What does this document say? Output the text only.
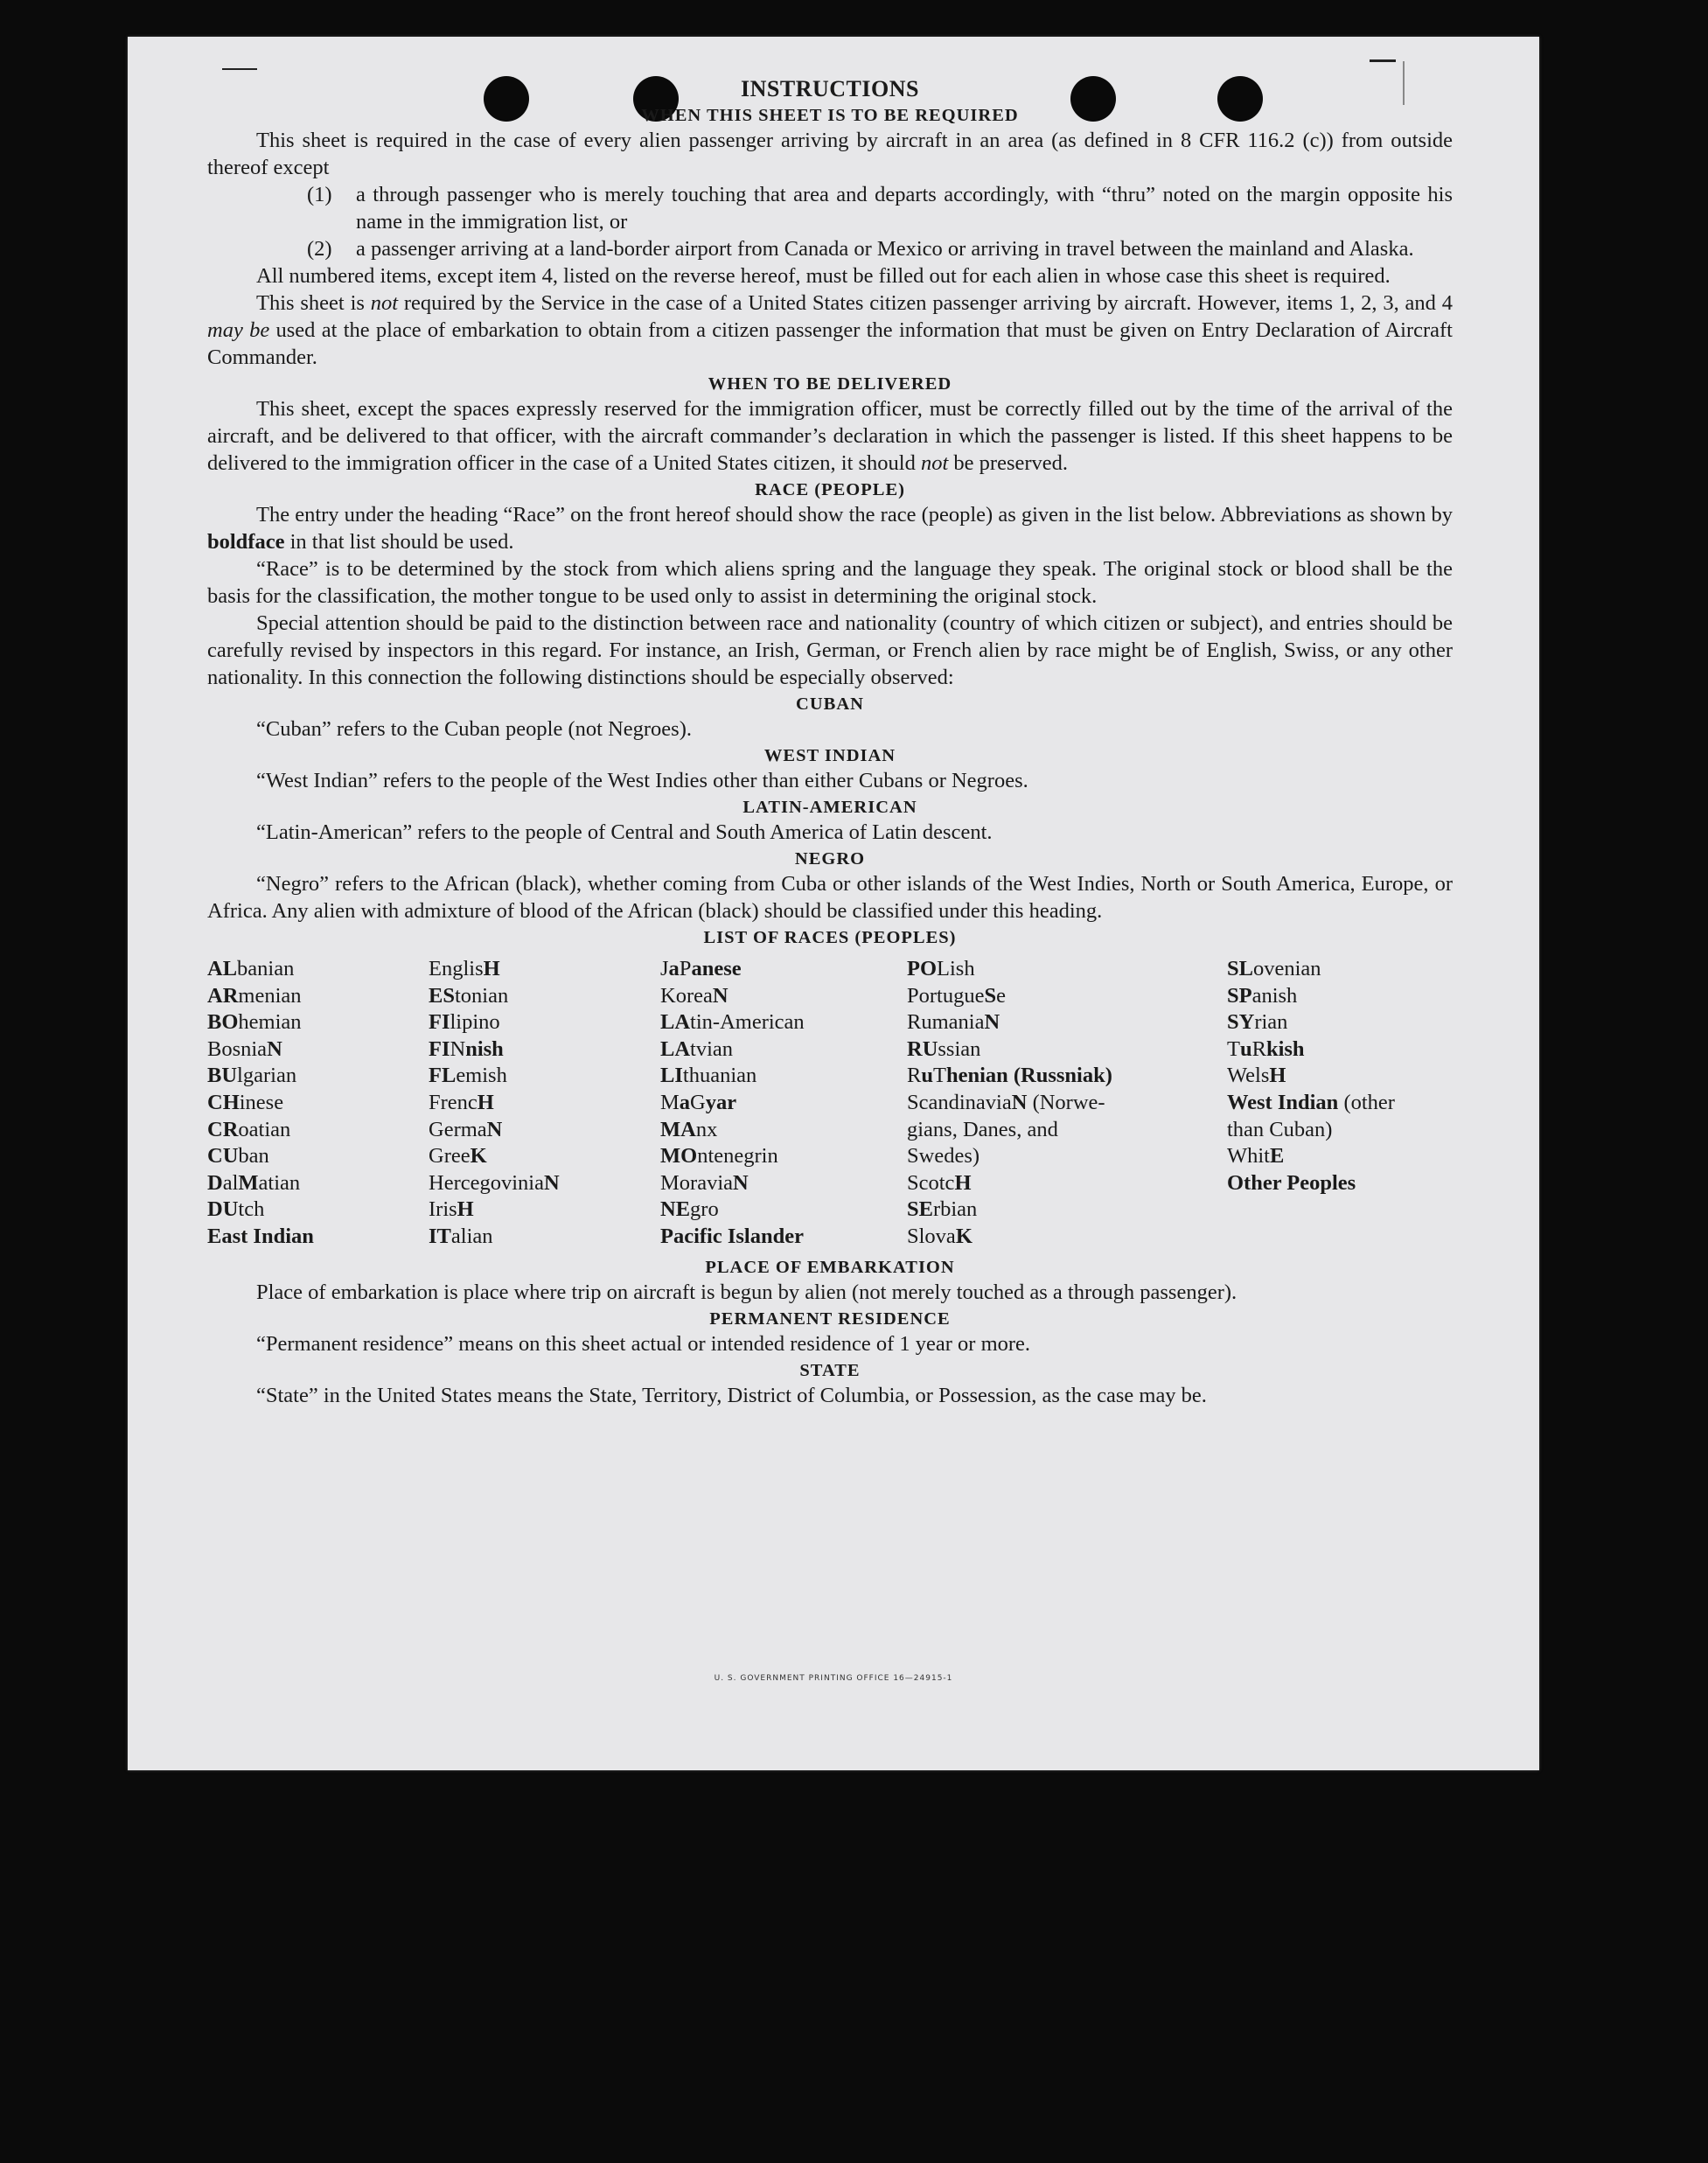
INSTRUCTIONS
WHEN THIS SHEET IS TO BE REQUIRED

This sheet is required in the case of every alien passenger arriving by aircraft in an area (as defined in 8 CFR 116.2 (c)) from outside thereof except

(1)	a through passenger who is merely touching that area and departs accordingly, with “thru” noted on the margin opposite his name in the immigration list, or
(2)	a passenger arriving at a land-border airport from Canada or Mexico or arriving in travel between the mainland and Alaska.

All numbered items, except item 4, listed on the reverse hereof, must be filled out for each alien in whose case this sheet is required.

This sheet is not required by the Service in the case of a United States citizen passenger arriving by aircraft. However, items 1, 2, 3, and 4 may be used at the place of embarkation to obtain from a citizen passenger the information that must be given on Entry Declaration of Aircraft Commander.

WHEN TO BE DELIVERED

This sheet, except the spaces expressly reserved for the immigration officer, must be correctly filled out by the time of the arrival of the aircraft, and be delivered to that officer, with the aircraft commander’s declaration in which the passenger is listed. If this sheet happens to be delivered to the immigration officer in the case of a United States citizen, it should not be preserved.

RACE (PEOPLE)

The entry under the heading “Race” on the front hereof should show the race (people) as given in the list below. Abbreviations as shown by boldface in that list should be used.

“Race” is to be determined by the stock from which aliens spring and the language they speak. The original stock or blood shall be the basis for the classification, the mother tongue to be used only to assist in determining the original stock.

Special attention should be paid to the distinction between race and nationality (country of which citizen or subject), and entries should be carefully revised by inspectors in this regard. For instance, an Irish, German, or French alien by race might be of English, Swiss, or any other nationality. In this connection the following distinctions should be especially observed:

CUBAN

“Cuban” refers to the Cuban people (not Negroes).

WEST INDIAN

“West Indian” refers to the people of the West Indies other than either Cubans or Negroes.

LATIN-AMERICAN

“Latin-American” refers to the people of Central and South America of Latin descent.

NEGRO

“Negro” refers to the African (black), whether coming from Cuba or other islands of the West Indies, North or South America, Europe, or Africa. Any alien with admixture of blood of the African (black) should be classified under this heading.

LIST OF RACES (PEOPLES)
ALbanian
ARmenian
BOhemian
BosniaN
BUlgarian
CHinese
CRoatian
CUban
DalMatian
DUtch
East Indian
EnglisH
EStonian
FIlipino
FINnish
FLemish
FrencH
GermaN
GreeK
HercegoviniaN
IrisH
ITalian
JaPanese
KoreaN
LAtin-American
LAtvian
LIthuanian
MaGyar
MAnx
MOntenegrin
MoraviaN
NEgro
Pacific Islander
POLish
PortugueSe
RumaniaN
RUssian
RuThenian (Russniak)
ScandinaviaN (Norwe-
gians, Danes, and
Swedes)
ScotcH
SErbian
SlovaK
SLovenian
SPanish
SYrian
TuRkish
WelsH
West Indian (other
than Cuban)
WhitE
Other Peoples
PLACE OF EMBARKATION

Place of embarkation is place where trip on aircraft is begun by alien (not merely touched as a through passenger).

PERMANENT RESIDENCE

“Permanent residence” means on this sheet actual or intended residence of 1 year or more.

STATE

“State” in the United States means the State, Territory, District of Columbia, or Possession, as the case may be.

U. S. GOVERNMENT PRINTING OFFICE 16—24915-1
